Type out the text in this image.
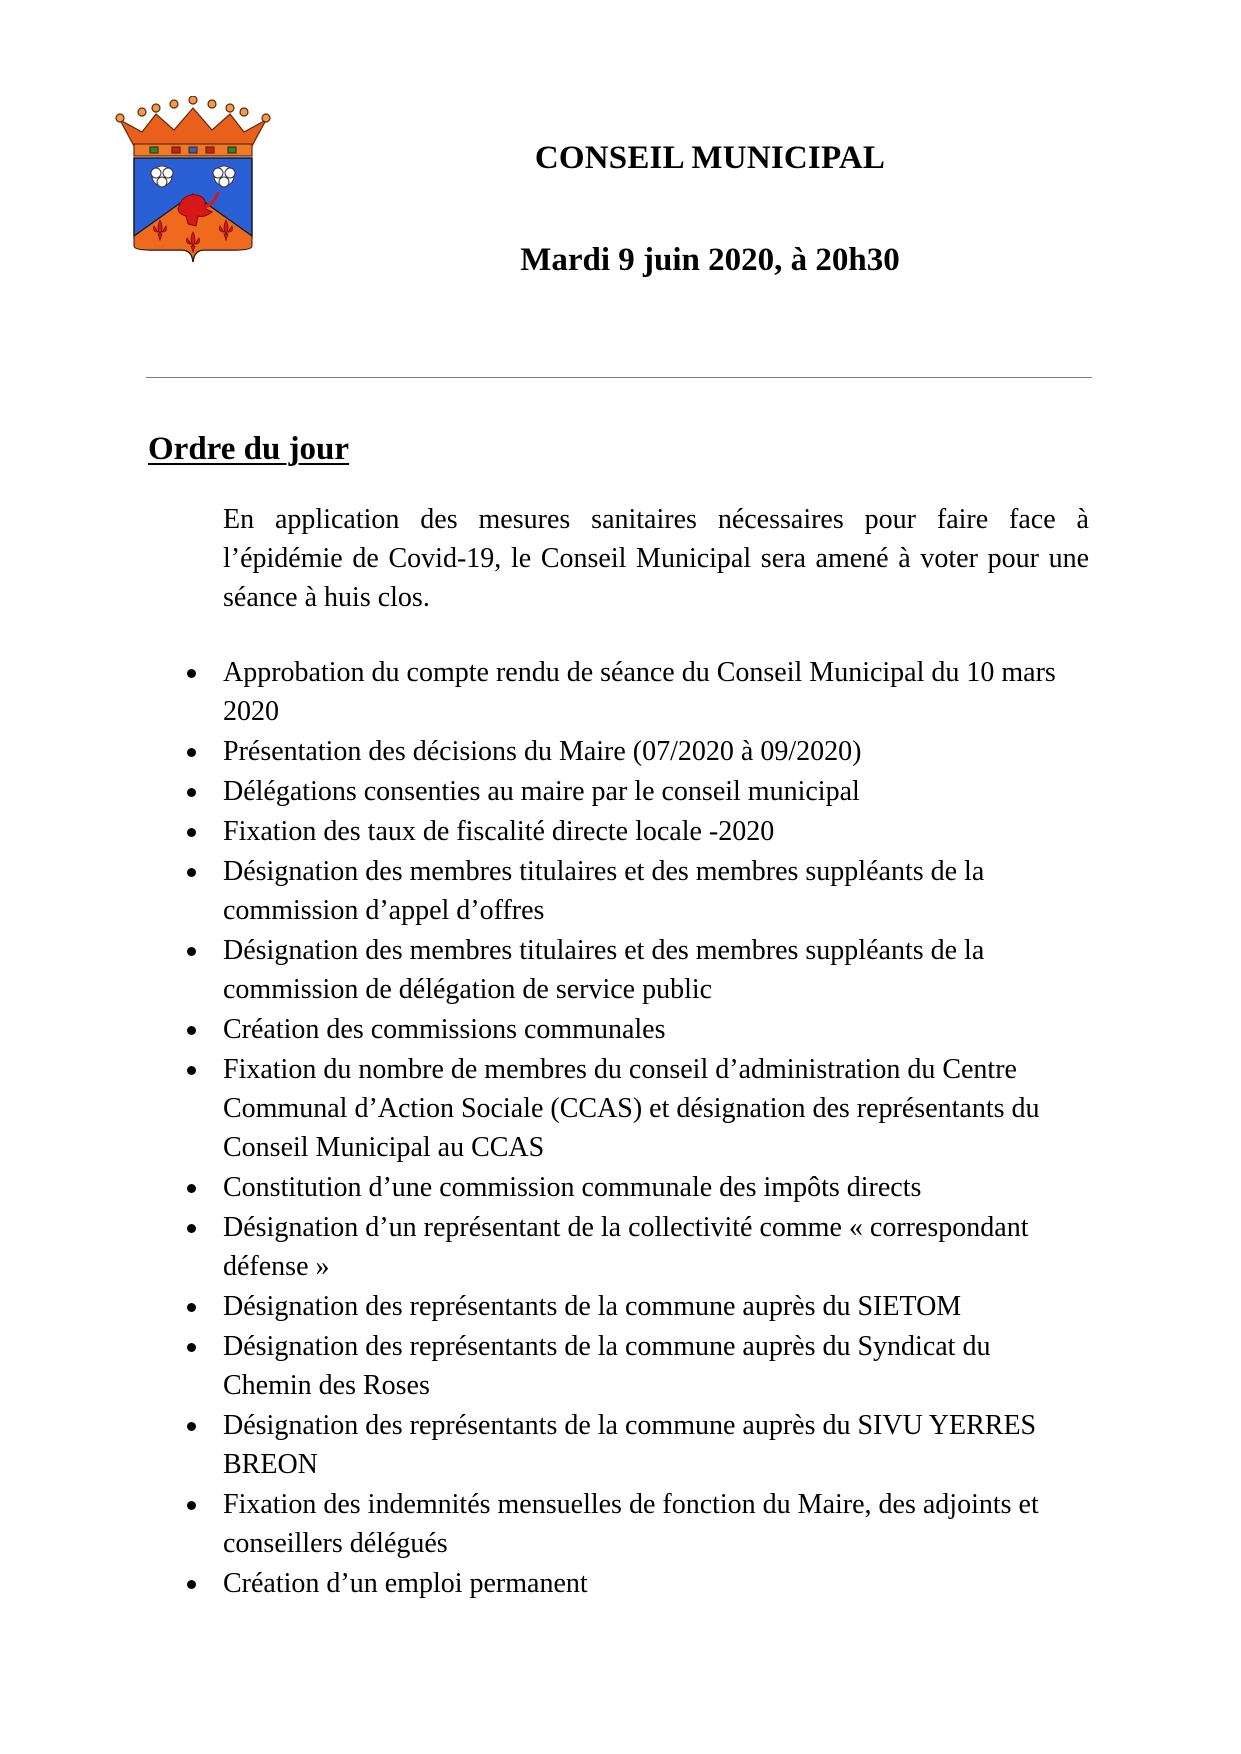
CONSEIL MUNICIPAL
Mardi 9 juin 2020, à 20h30
Ordre du jour

En application des mesures sanitaires nécessaires pour faire face à l’épidémie de Covid-19, le Conseil Municipal sera amené à voter pour une séance à huis clos.

Approbation du compte rendu de séance du Conseil Municipal du 10 mars 2020
Présentation des décisions du Maire (07/2020 à 09/2020)
Délégations consenties au maire par le conseil municipal
Fixation des taux de fiscalité directe locale -2020
Désignation des membres titulaires et des membres suppléants de la commission d’appel d’offres
Désignation des membres titulaires et des membres suppléants de la commission de délégation de service public
Création des commissions communales
Fixation du nombre de membres du conseil d’administration du Centre Communal d’Action Sociale (CCAS) et désignation des représentants du Conseil Municipal au CCAS
Constitution d’une commission communale des impôts directs
Désignation d’un représentant de la collectivité comme « correspondant défense »
Désignation des représentants de la commune auprès du SIETOM
Désignation des représentants de la commune auprès du Syndicat du Chemin des Roses
Désignation des représentants de la commune auprès du SIVU YERRES BREON
Fixation des indemnités mensuelles de fonction du Maire, des adjoints et conseillers délégués
Création d’un emploi permanent
